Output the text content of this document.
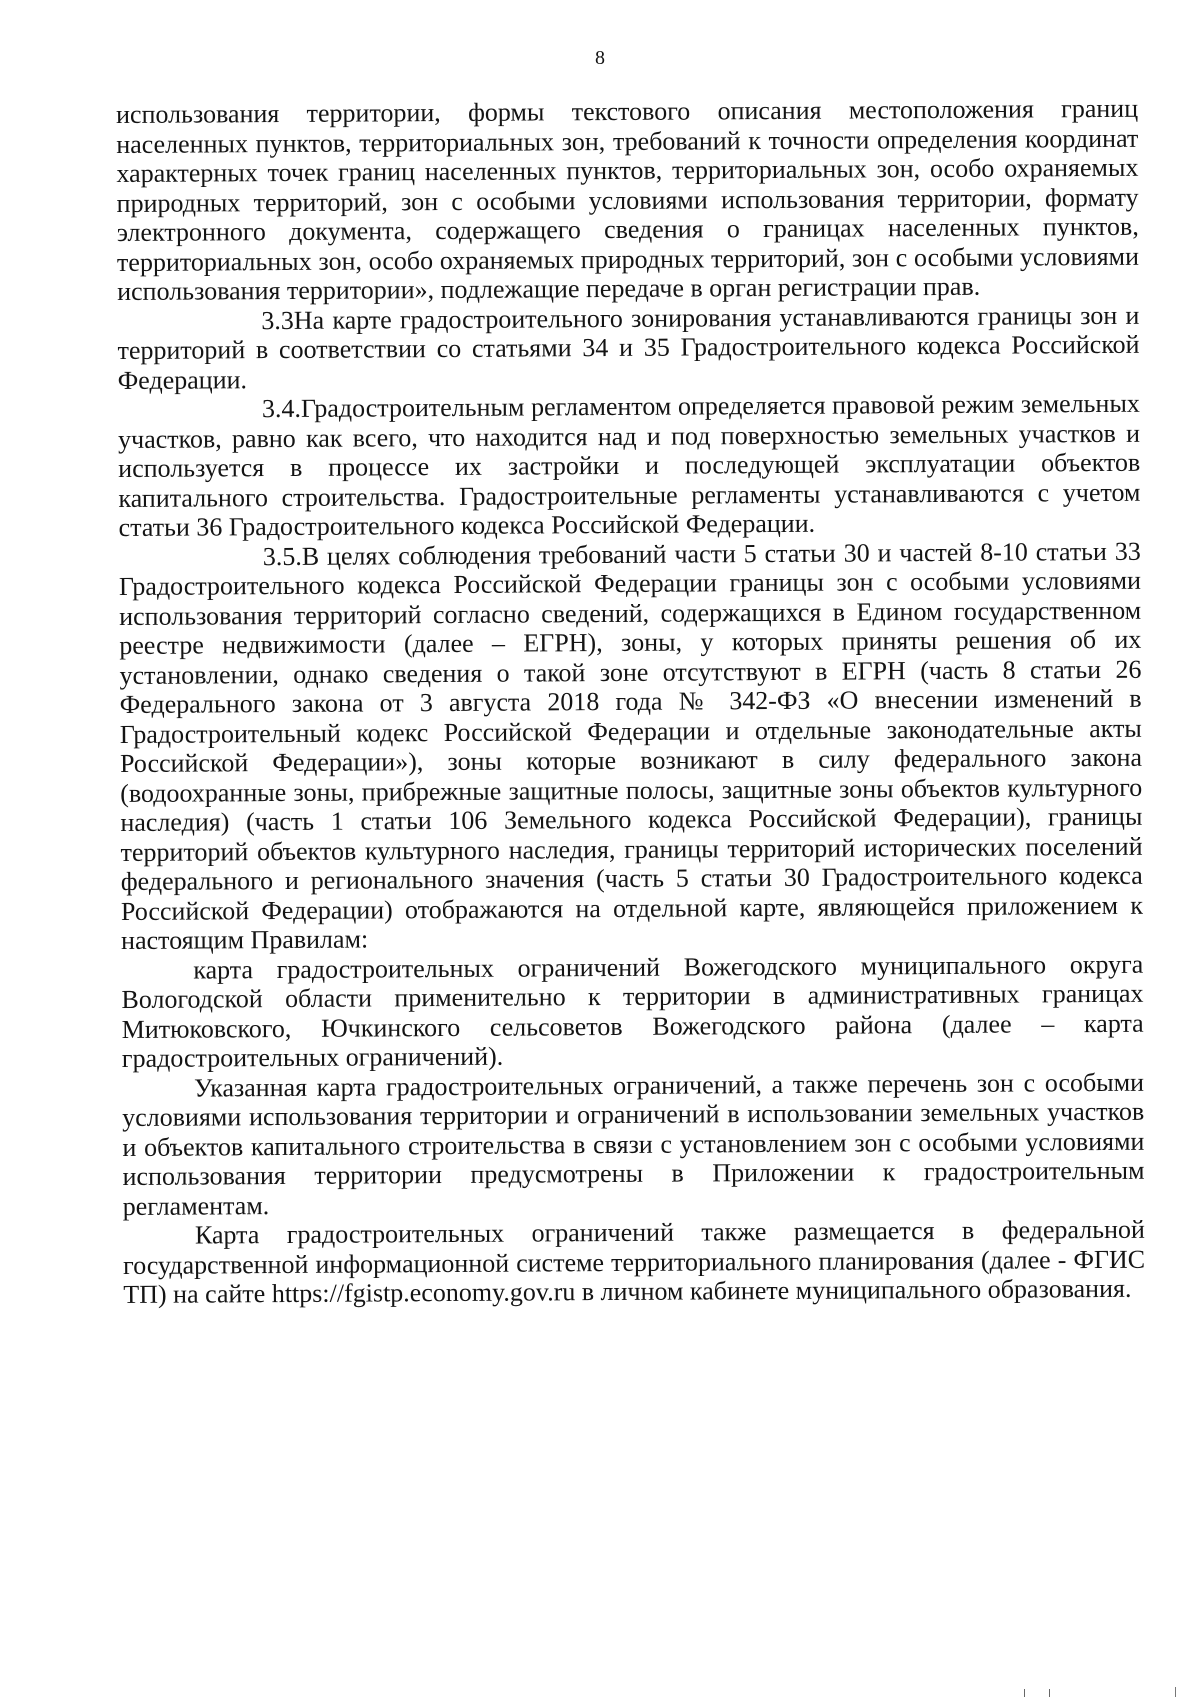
8

использования территории, формы текстового описания местоположения границ населенных пунктов, территориальных зон, требований к точности определения координат характерных точек границ населенных пунктов, территориальных зон, особо охраняемых природных территорий, зон с особыми условиями использования территории, формату электронного документа, содержащего сведения о границах населенных пунктов, территориальных зон, особо охраняемых природных территорий, зон с особыми условиями использования территории», подлежащие передаче в орган регистрации прав.

3.3На карте градостроительного зонирования устанавливаются границы зон и территорий в соответствии со статьями 34 и 35 Градостроительного кодекса Российской Федерации.

3.4.Градостроительным регламентом определяется правовой режим земельных участков, равно как всего, что находится над и под поверхностью земельных участков и используется в процессе их застройки и последующей эксплуатации объектов капитального строительства. Градостроительные регламенты устанавливаются с учетом статьи 36 Градостроительного кодекса Российской Федерации.

3.5.В целях соблюдения требований части 5 статьи 30 и частей 8-10 статьи 33 Градостроительного кодекса Российской Федерации границы зон с особыми условиями использования территорий согласно сведений, содержащихся в Едином государственном реестре недвижимости (далее – ЕГРН), зоны, у которых приняты решения об их установлении, однако сведения о такой зоне отсутствуют в ЕГРН (часть 8 статьи 26 Федерального закона от 3 августа 2018 года № 342-ФЗ «О внесении изменений в Градостроительный кодекс Российской Федерации и отдельные законодательные акты Российской Федерации»), зоны которые возникают в силу федерального закона (водоохранные зоны, прибрежные защитные полосы, защитные зоны объектов культурного наследия) (часть 1 статьи 106 Земельного кодекса Российской Федерации), границы территорий объектов культурного наследия, границы территорий исторических поселений федерального и регионального значения (часть 5 статьи 30 Градостроительного кодекса Российской Федерации) отображаются на отдельной карте, являющейся приложением к настоящим Правилам:

карта градостроительных ограничений Вожегодского муниципального округа Вологодской области применительно к территории в административных границах Митюковского, Ючкинского сельсоветов Вожегодского района (далее – карта градостроительных ограничений).

Указанная карта градостроительных ограничений, а также перечень зон с особыми условиями использования территории и ограничений в использовании земельных участков и объектов капитального строительства в связи с установлением зон с особыми условиями использования территории предусмотрены в Приложении к градостроительным регламентам.

Карта градостроительных ограничений также размещается в федеральной государственной информационной системе территориального планирования (далее - ФГИС ТП) на сайте https://fgistp.economy.gov.ru в личном кабинете муниципального образования.
